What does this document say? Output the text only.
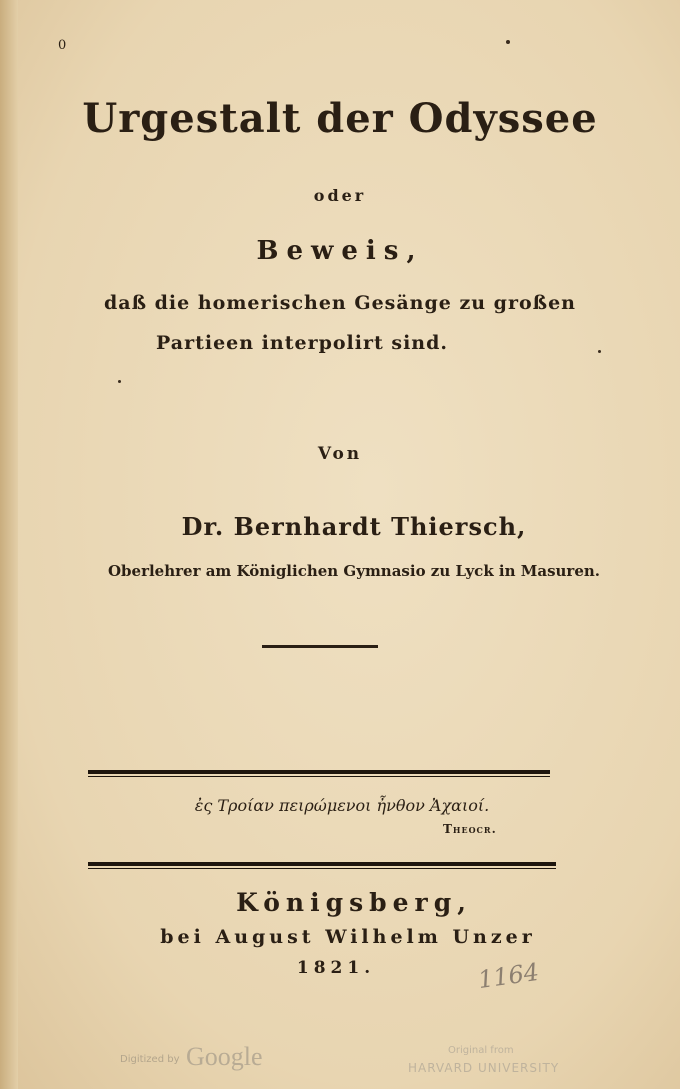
0
Urgestalt der Odyssee
oder
Beweis,
daß die homerischen Gesänge zu großen
Partieen interpolirt sind.
Von
Dr. Bernhardt Thiersch,
Oberlehrer am Königlichen Gymnasio zu Lyck in Masuren.
ἐς Τροίαν πειρώμενοι ἦνθον Ἀχαιοί.
Theocr.
Königsberg,
bei August Wilhelm Unzer
1821.	1164
Digitized by Google	Original from
HARVARD UNIVERSITY
